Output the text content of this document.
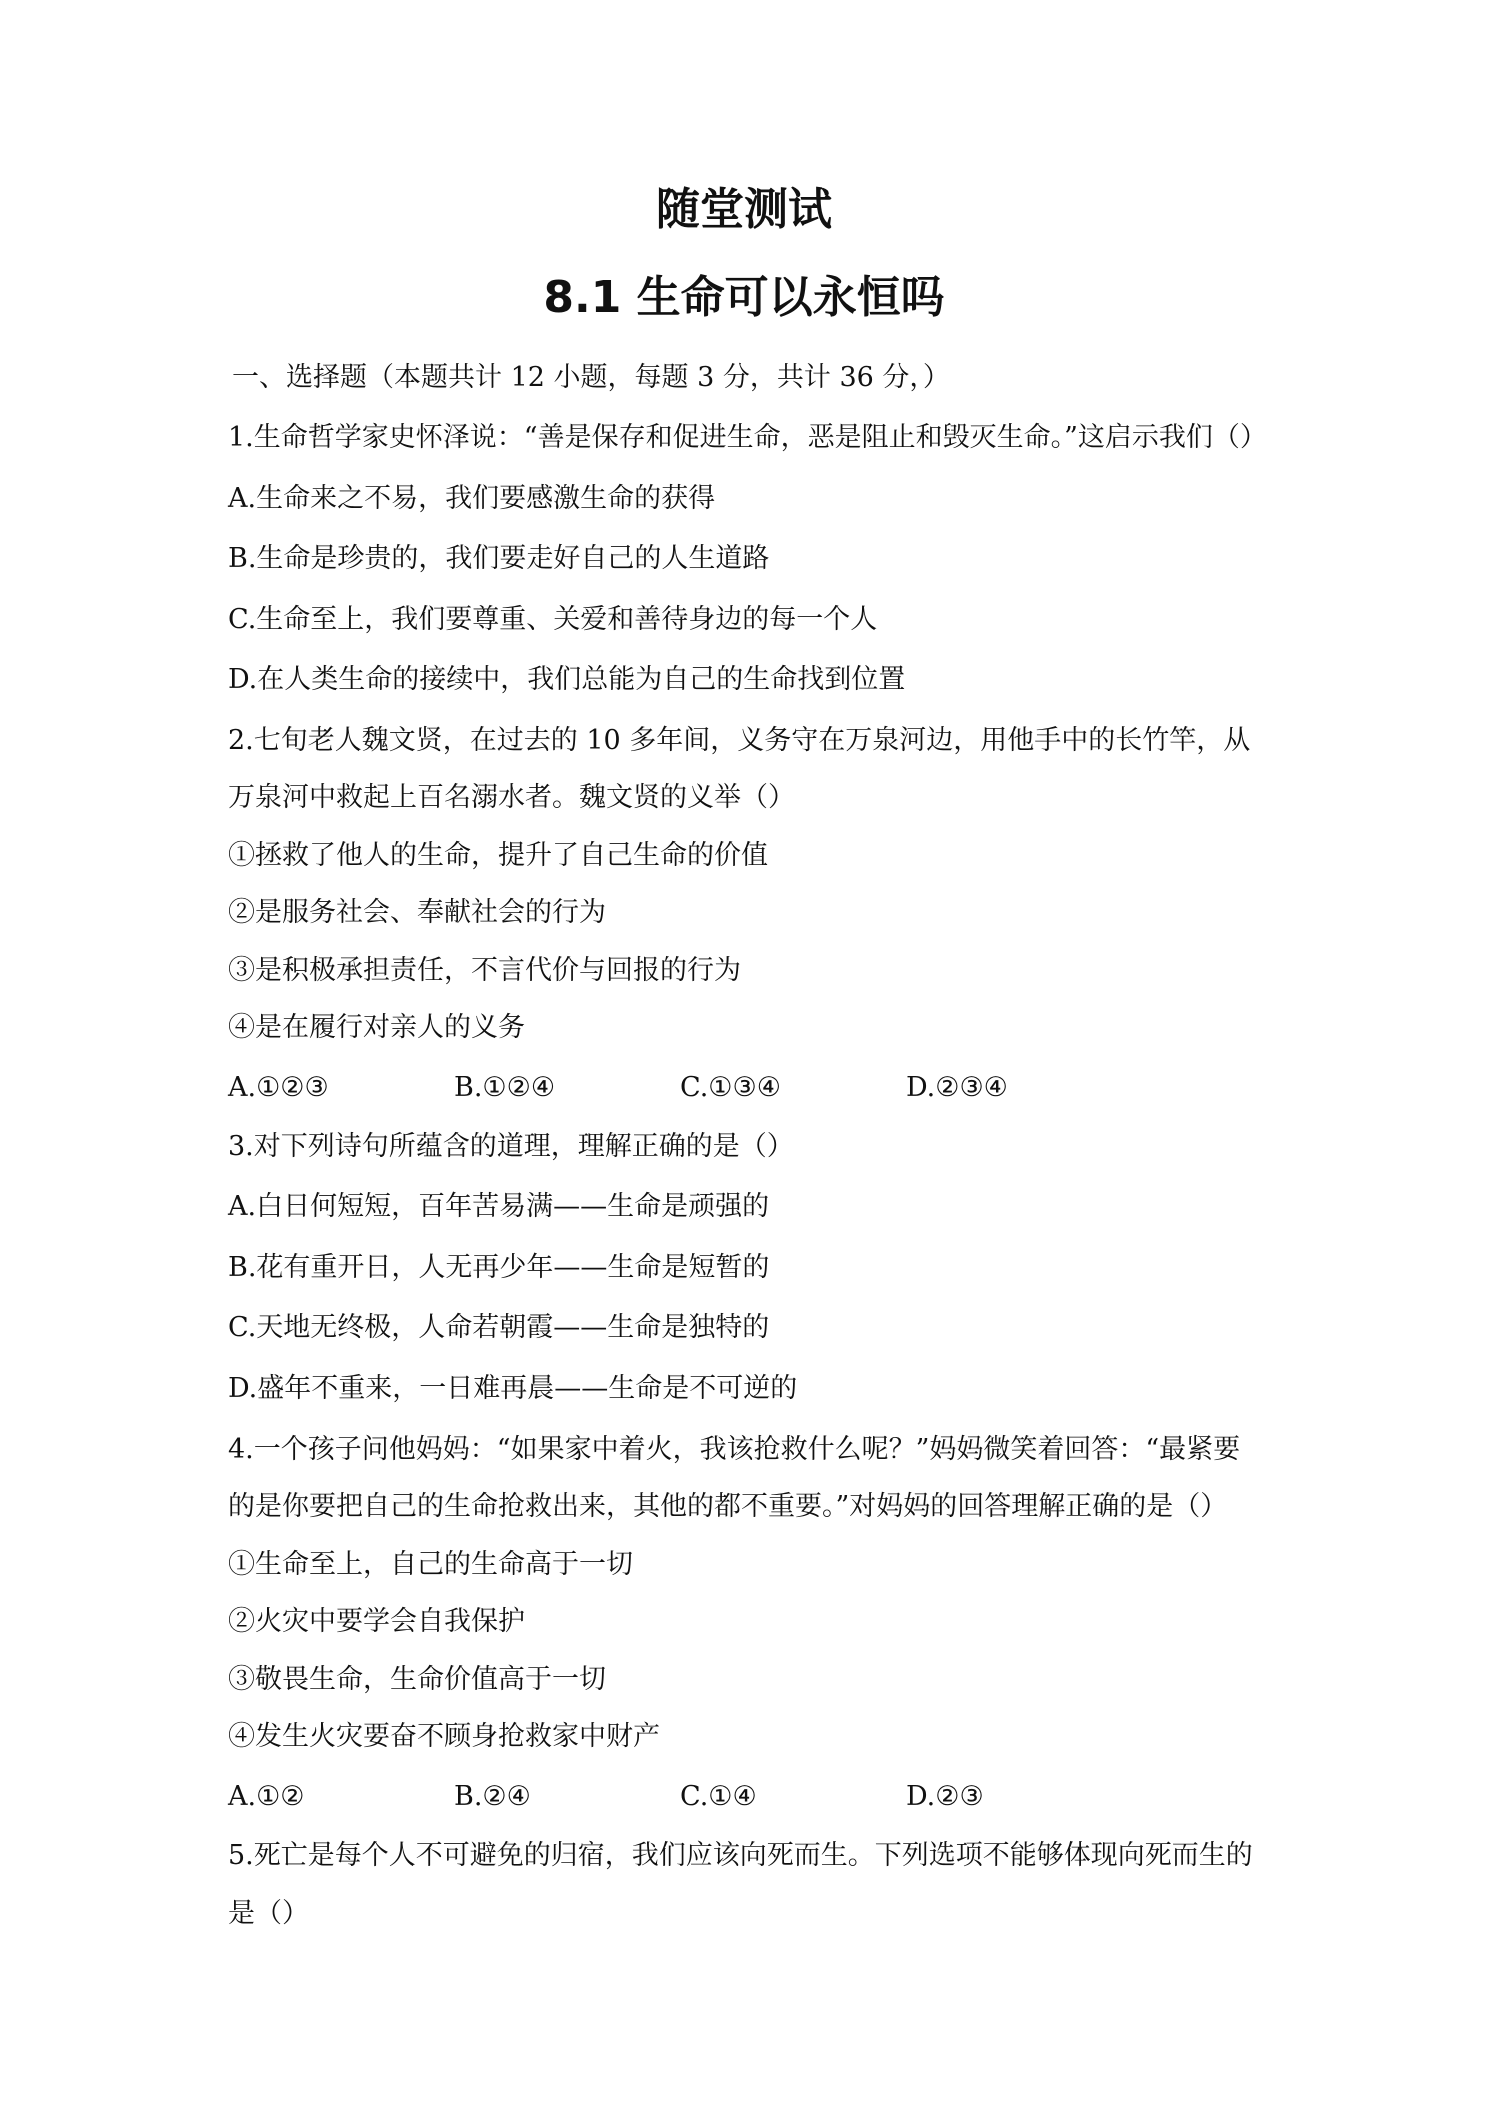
随堂测试
8.1 生命可以永恒吗
一、选择题（本题共计 12 小题，每题 3 分，共计 36 分，）
1.生命哲学家史怀泽说：“善是保存和促进生命，恶是阻止和毁灭生命。”这启示我们（）
A.生命来之不易，我们要感激生命的获得
B.生命是珍贵的，我们要走好自己的人生道路
C.生命至上，我们要尊重、关爱和善待身边的每一个人
D.在人类生命的接续中，我们总能为自己的生命找到位置
2.七旬老人魏文贤，在过去的 10 多年间，义务守在万泉河边，用他手中的长竹竿，从
万泉河中救起上百名溺水者。魏文贤的义举（）
①拯救了他人的生命，提升了自己生命的价值
②是服务社会、奉献社会的行为
③是积极承担责任，不言代价与回报的行为
④是在履行对亲人的义务
A.①②③	B.①②④	C.①③④	D.②③④
3.对下列诗句所蕴含的道理，理解正确的是（）
A.白日何短短，百年苦易满——生命是顽强的
B.花有重开日，人无再少年——生命是短暂的
C.天地无终极，人命若朝霞——生命是独特的
D.盛年不重来，一日难再晨——生命是不可逆的
4.一个孩子问他妈妈：“如果家中着火，我该抢救什么呢？”妈妈微笑着回答：“最紧要
的是你要把自己的生命抢救出来，其他的都不重要。”对妈妈的回答理解正确的是（）
①生命至上，自己的生命高于一切
②火灾中要学会自我保护
③敬畏生命，生命价值高于一切
④发生火灾要奋不顾身抢救家中财产
A.①②	B.②④	C.①④	D.②③
5.死亡是每个人不可避免的归宿，我们应该向死而生。下列选项不能够体现向死而生的
是（）
